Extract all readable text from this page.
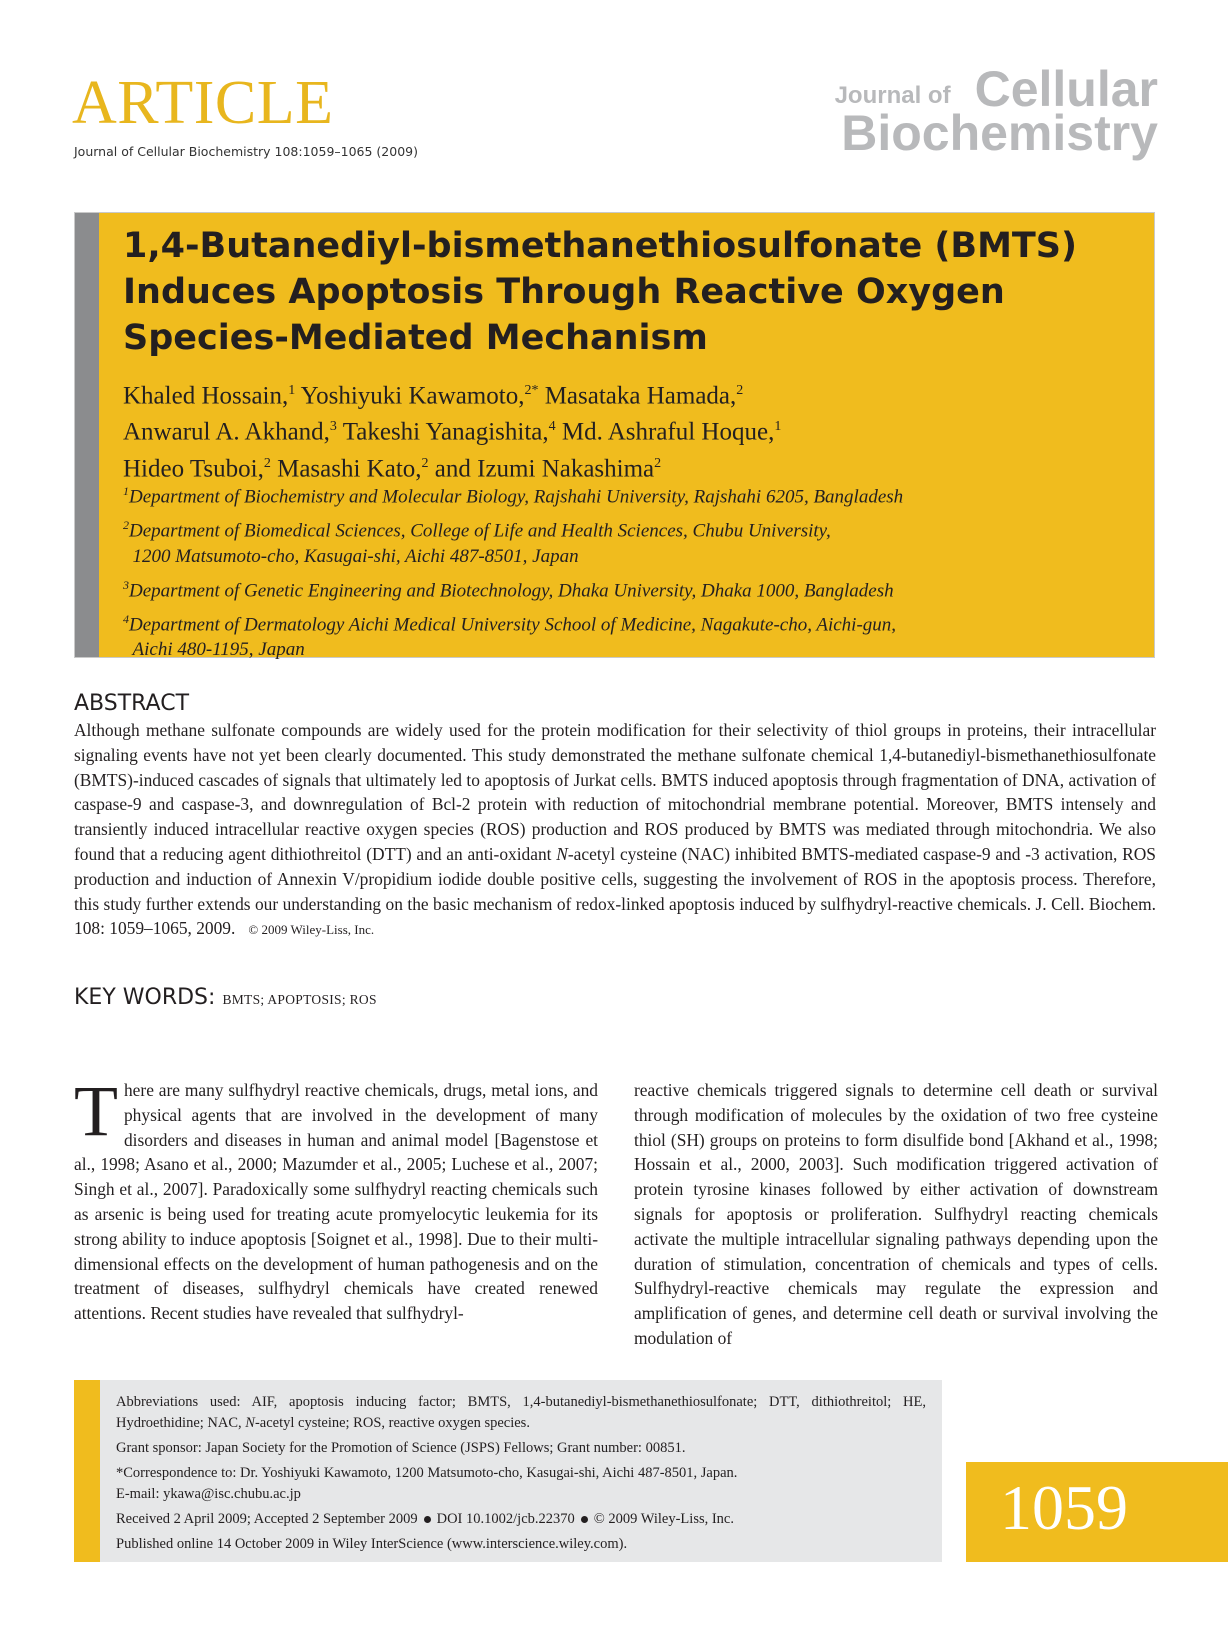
ARTICLE
Journal of Cellular Biochemistry 108:1059–1065 (2009)
Journal of Cellular
Biochemistry
1,4-Butanediyl-bismethanethiosulfonate (BMTS)
Induces Apoptosis Through Reactive Oxygen
Species-Mediated Mechanism
Khaled Hossain,$^1$ Yoshiyuki Kawamoto,$^{2*}$ Masataka Hamada,$^2$
Anwarul A. Akhand,$^3$ Takeshi Yanagishita,$^4$ Md. Ashraful Hoque,$^1$
Hideo Tsuboi,$^2$ Masashi Kato,$^2$ and Izumi Nakashima$^2$

$^1$Department of Biochemistry and Molecular Biology, Rajshahi University, Rajshahi 6205, Bangladesh

$^2$Department of Biomedical Sciences, College of Life and Health Sciences, Chubu University,
1200 Matsumoto-cho, Kasugai-shi, Aichi 487-8501, Japan

$^3$Department of Genetic Engineering and Biotechnology, Dhaka University, Dhaka 1000, Bangladesh

$^4$Department of Dermatology Aichi Medical University School of Medicine, Nagakute-cho, Aichi-gun,
Aichi 480-1195, Japan

ABSTRACT
Although methane sulfonate compounds are widely used for the protein modification for their selectivity of thiol groups in proteins, their intracellular signaling events have not yet been clearly documented. This study demonstrated the methane sulfonate chemical 1,4-butanediyl-bismethanethiosulfonate (BMTS)-induced cascades of signals that ultimately led to apoptosis of Jurkat cells. BMTS induced apoptosis through fragmentation of DNA, activation of caspase-9 and caspase-3, and downregulation of Bcl-2 protein with reduction of mitochondrial membrane potential. Moreover, BMTS intensely and transiently induced intracellular reactive oxygen species (ROS) production and ROS produced by BMTS was mediated through mitochondria. We also found that a reducing agent dithiothreitol (DTT) and an anti-oxidant N-acetyl cysteine (NAC) inhibited BMTS-mediated caspase-9 and -3 activation, ROS production and induction of Annexin V/propidium iodide double positive cells, suggesting the involvement of ROS in the apoptosis process. Therefore, this study further extends our understanding on the basic mechanism of redox-linked apoptosis induced by sulfhydryl-reactive chemicals. J. Cell. Biochem. 108: 1059–1065, 2009. © 2009 Wiley-Liss, Inc.
KEY WORDS: BMTS; APOPTOSIS; ROS
There are many sulfhydryl reactive chemicals, drugs, metal ions, and physical agents that are involved in the development of many disorders and diseases in human and animal model [Bagenstose et al., 1998; Asano et al., 2000; Mazumder et al., 2005; Luchese et al., 2007; Singh et al., 2007]. Paradoxically some sulfhydryl reacting chemicals such as arsenic is being used for treating acute promyelocytic leukemia for its strong ability to induce apoptosis [Soignet et al., 1998]. Due to their multi-dimensional effects on the development of human pathogenesis and on the treatment of diseases, sulfhydryl chemicals have created renewed attentions. Recent studies have revealed that sulfhydryl-
reactive chemicals triggered signals to determine cell death or survival through modification of molecules by the oxidation of two free cysteine thiol (SH) groups on proteins to form disulfide bond [Akhand et al., 1998; Hossain et al., 2000, 2003]. Such modification triggered activation of protein tyrosine kinases followed by either activation of downstream signals for apoptosis or proliferation. Sulfhydryl reacting chemicals activate the multiple intracellular signaling pathways depending upon the duration of stimulation, concentration of chemicals and types of cells. Sulfhydryl-reactive chemicals may regulate the expression and amplification of genes, and determine cell death or survival involving the modulation of

Abbreviations used: AIF, apoptosis inducing factor; BMTS, 1,4-butanediyl-bismethanethiosulfonate; DTT, dithiothreitol; HE, Hydroethidine; NAC, N-acetyl cysteine; ROS, reactive oxygen species.

Grant sponsor: Japan Society for the Promotion of Science (JSPS) Fellows; Grant number: 00851.

*Correspondence to: Dr. Yoshiyuki Kawamoto, 1200 Matsumoto-cho, Kasugai-shi, Aichi 487-8501, Japan.
E-mail: ykawa@isc.chubu.ac.jp

Received 2 April 2009; Accepted 2 September 2009 DOI 10.1002/jcb.22370 © 2009 Wiley-Liss, Inc.

Published online 14 October 2009 in Wiley InterScience (www.interscience.wiley.com).

1059
